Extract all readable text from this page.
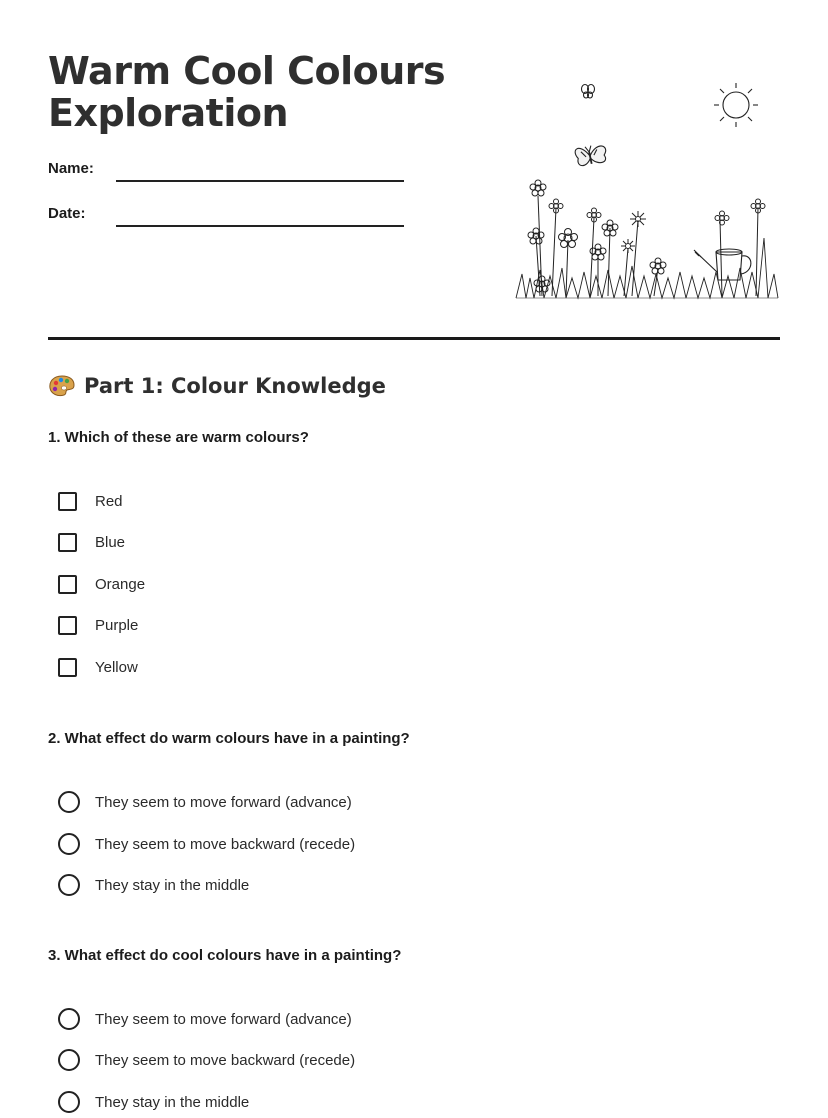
Warm Cool Colours
Exploration
Name:
Date:
Part 1: Colour Knowledge
1. Which of these are warm colours?
Red
Blue
Orange
Purple
Yellow
2. What effect do warm colours have in a painting?
They seem to move forward (advance)
They seem to move backward (recede)
They stay in the middle
3. What effect do cool colours have in a painting?
They seem to move forward (advance)
They seem to move backward (recede)
They stay in the middle
